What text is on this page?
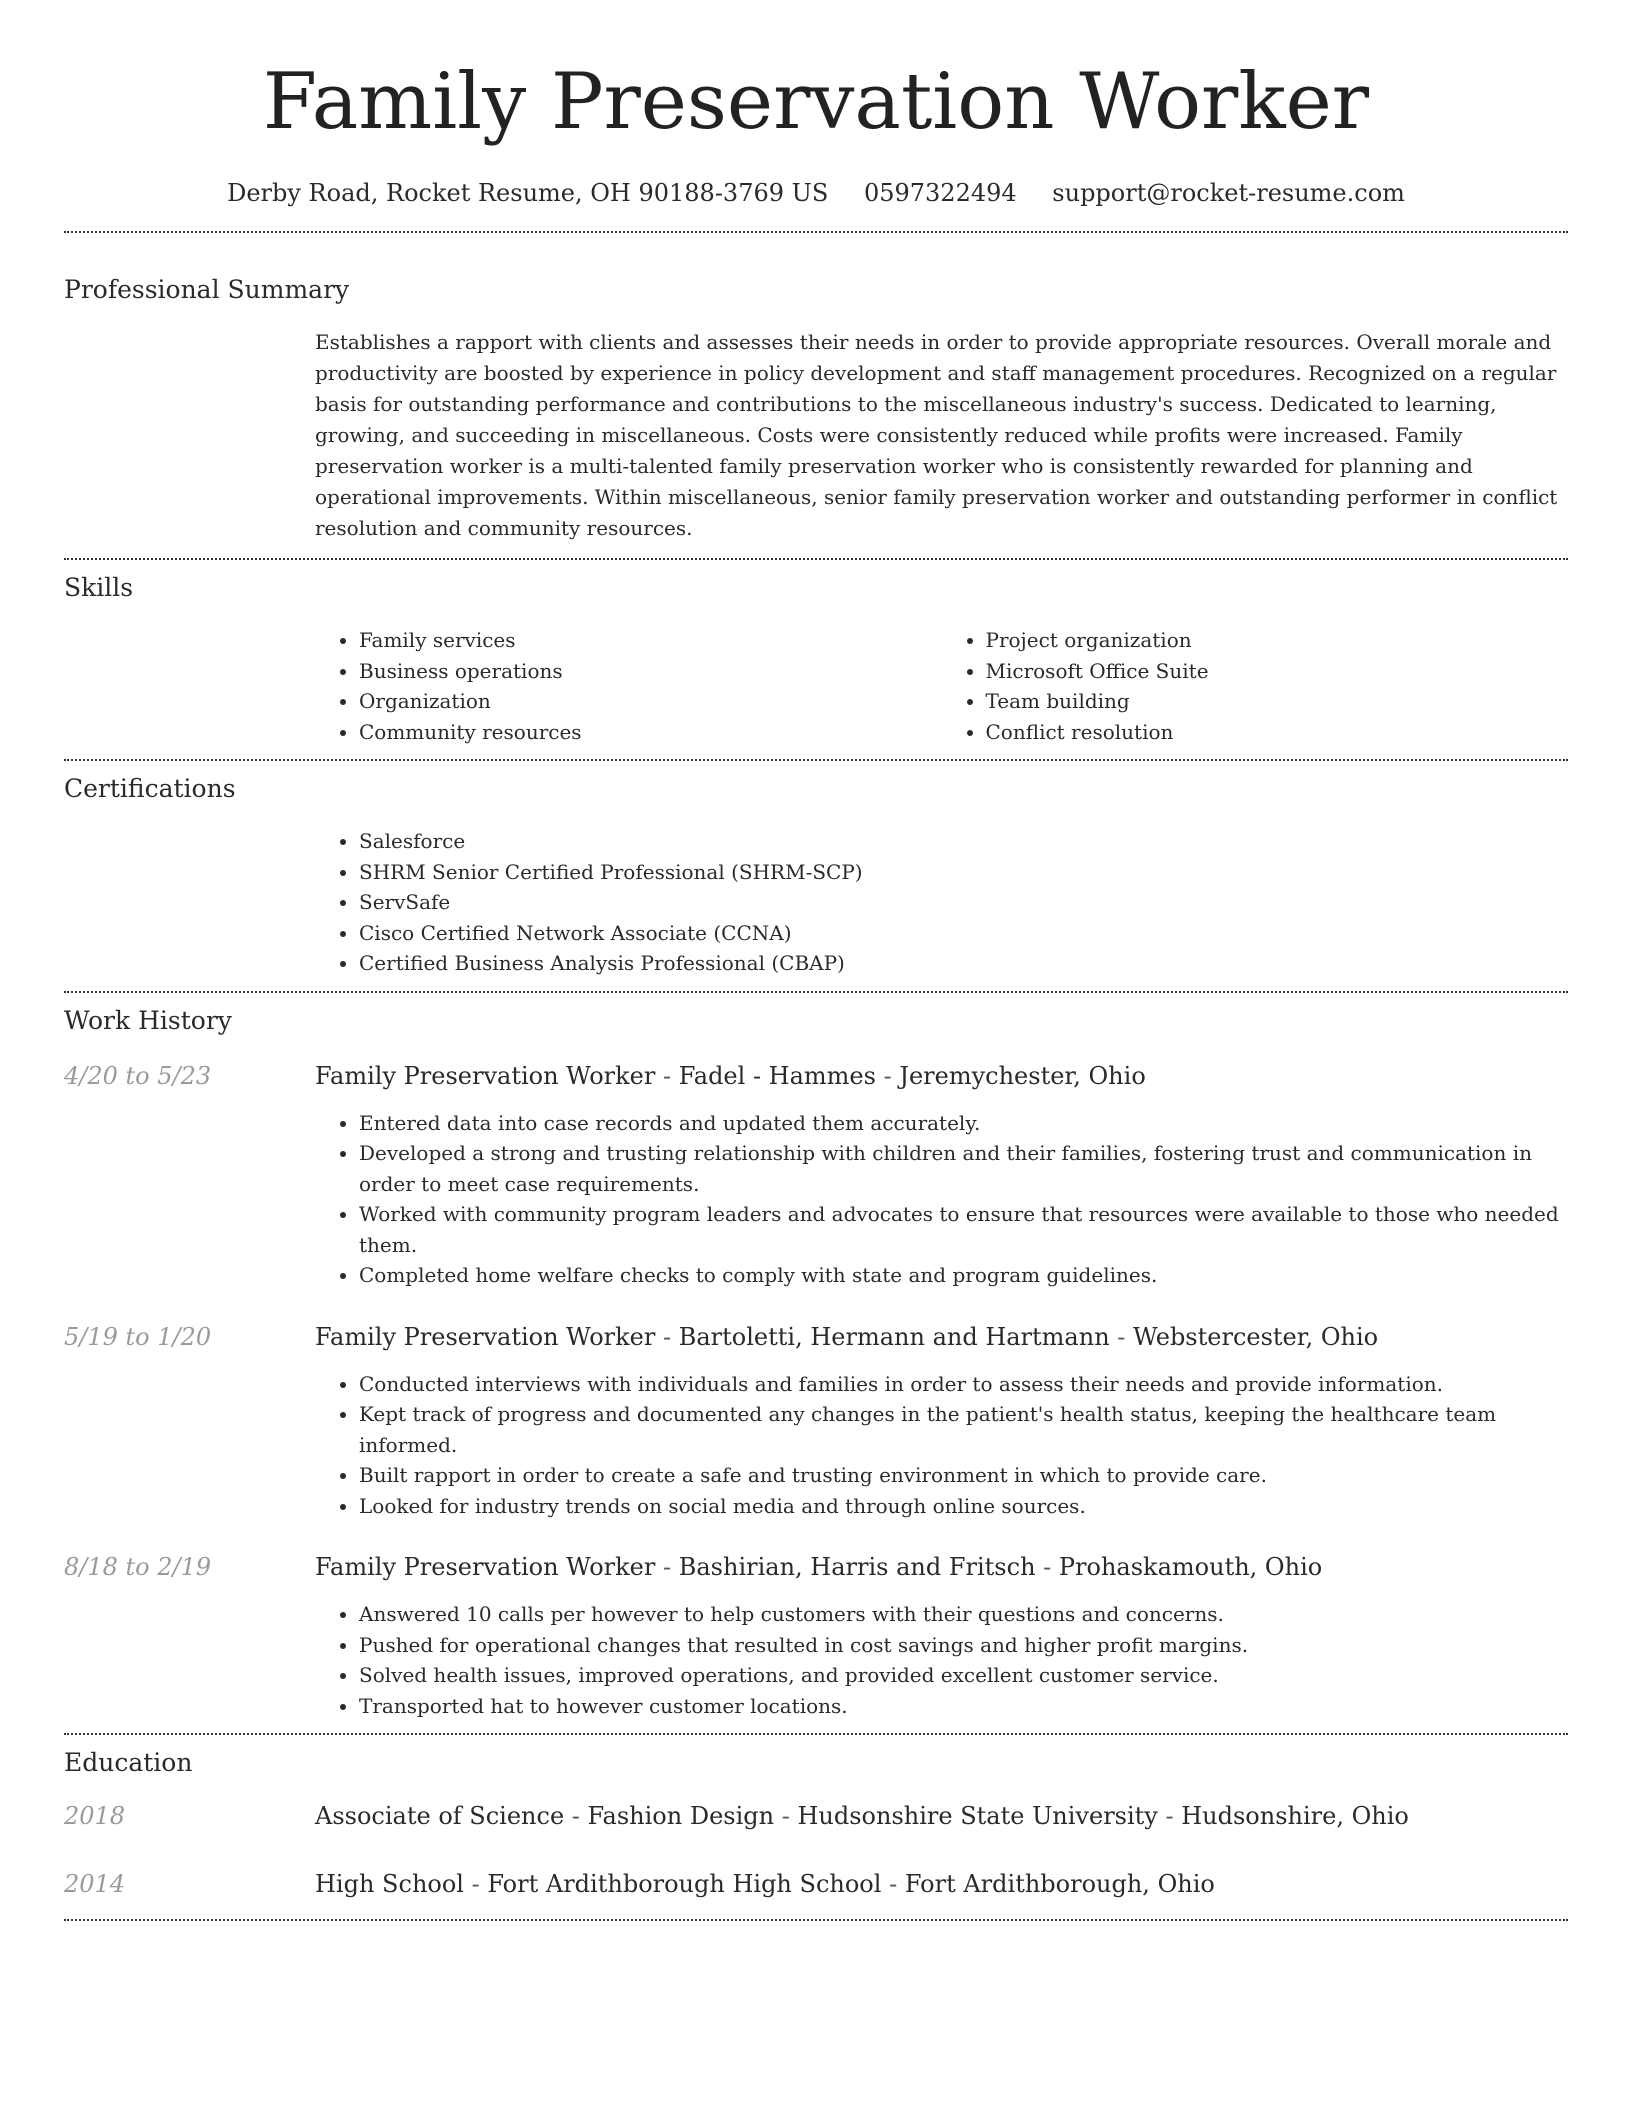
Family Preservation Worker
Derby Road, Rocket Resume, OH 90188-3769 US 0597322494 support@rocket-resume.com
Professional Summary
Establishes a rapport with clients and assesses their needs in order to provide appropriate resources. Overall morale and productivity are boosted by experience in policy development and staff management procedures. Recognized on a regular basis for outstanding performance and contributions to the miscellaneous industry's success. Dedicated to learning, growing, and succeeding in miscellaneous. Costs were consistently reduced while profits were increased. Family preservation worker is a multi-talented family preservation worker who is consistently rewarded for planning and operational improvements. Within miscellaneous, senior family preservation worker and outstanding performer in conflict resolution and community resources.
Skills
• Family services
• Business operations
• Organization
• Community resources
• Project organization
• Microsoft Office Suite
• Team building
• Conflict resolution
Certifications
• Salesforce
• SHRM Senior Certified Professional (SHRM-SCP)
• ServSafe
• Cisco Certified Network Associate (CCNA)
• Certified Business Analysis Professional (CBAP)
Work History
4/20 to 5/23	Family Preservation Worker - Fadel - Hammes - Jeremychester, Ohio
• Entered data into case records and updated them accurately.
• Developed a strong and trusting relationship with children and their families, fostering trust and communication in order to meet case requirements.
• Worked with community program leaders and advocates to ensure that resources were available to those who needed them.
• Completed home welfare checks to comply with state and program guidelines.
5/19 to 1/20	Family Preservation Worker - Bartoletti, Hermann and Hartmann - Webstercester, Ohio
• Conducted interviews with individuals and families in order to assess their needs and provide information.
• Kept track of progress and documented any changes in the patient's health status, keeping the healthcare team informed.
• Built rapport in order to create a safe and trusting environment in which to provide care.
• Looked for industry trends on social media and through online sources.
8/18 to 2/19	Family Preservation Worker - Bashirian, Harris and Fritsch - Prohaskamouth, Ohio
• Answered 10 calls per however to help customers with their questions and concerns.
• Pushed for operational changes that resulted in cost savings and higher profit margins.
• Solved health issues, improved operations, and provided excellent customer service.
• Transported hat to however customer locations.
Education
2018	Associate of Science - Fashion Design - Hudsonshire State University - Hudsonshire, Ohio
2014	High School - Fort Ardithborough High School - Fort Ardithborough, Ohio
